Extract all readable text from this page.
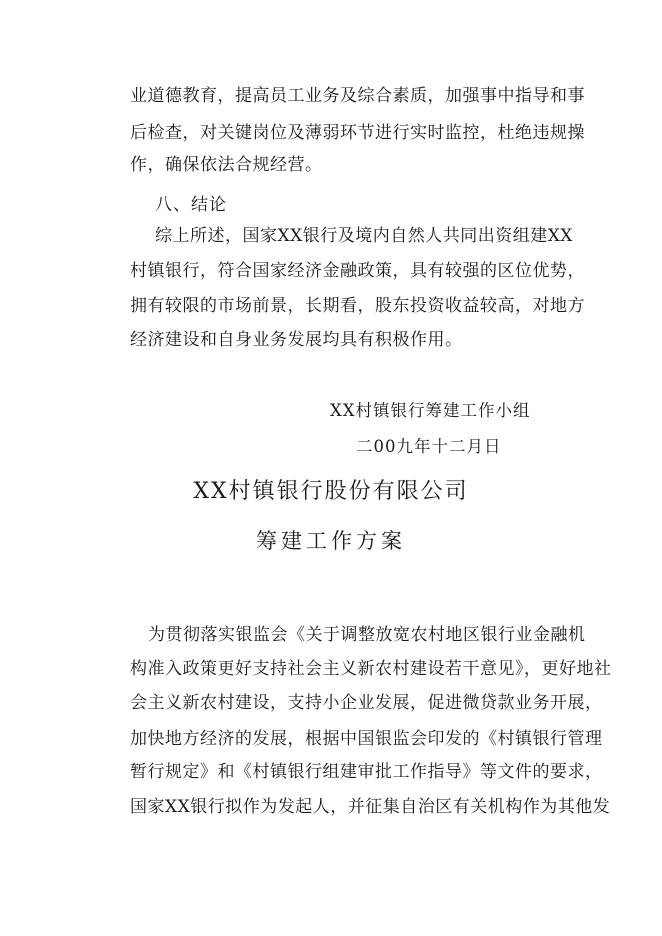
业道德教育，提高员工业务及综合素质，加强事中指导和事
后检查，对关键岗位及薄弱环节进行实时监控，杜绝违规操
作，确保依法合规经营。
八、结论
综上所述，国家XX银行及境内自然人共同出资组建XX
村镇银行，符合国家经济金融政策，具有较强的区位优势，
拥有较限的市场前景，长期看，股东投资收益较高，对地方
经济建设和自身业务发展均具有积极作用。
XX村镇银行筹建工作小组
二00九年十二月日
XX村镇银行股份有限公司
筹建工作方案
为贯彻落实银监会《关于调整放宽农村地区银行业金融机
构准入政策更好支持社会主义新农村建设若干意见》，更好地社
会主义新农村建设，支持小企业发展，促进微贷款业务开展，
加快地方经济的发展，根据中国银监会印发的《村镇银行管理
暂行规定》和《村镇银行组建审批工作指导》等文件的要求，
国家XX银行拟作为发起人，并征集自治区有关机构作为其他发
